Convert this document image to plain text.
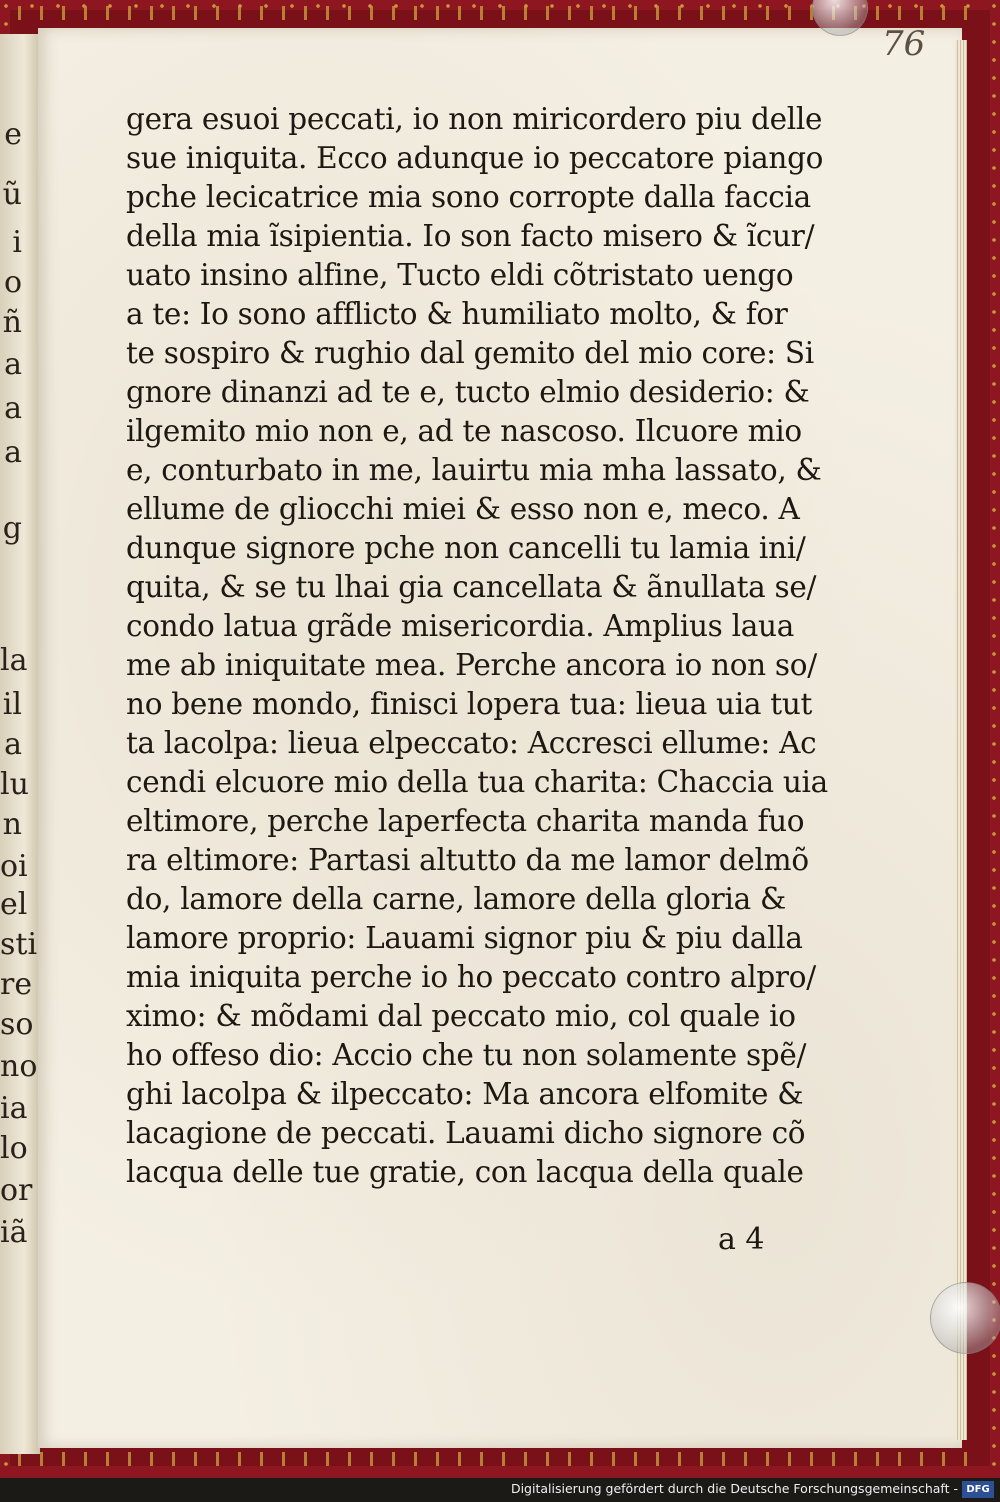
e
ũ
i
o
ñ
a
a
a
g
la
il
a
lu
n
oi
el
sti
re
so
no
ia
lo
or
iã
76
gera esuoi peccati, io non miricordero piu delle
sue iniquita. Ecco adunque io peccatore piango
pche lecicatrice mia sono corropte dalla faccia
della mia ĩsipientia. Io son facto misero & ĩcur/
uato insino alfine, Tucto eldi cõtristato uengo
a te: Io sono afflicto & humiliato molto, & for
te sospiro & rughio dal gemito del mio core: Si
gnore dinanzi ad te e, tucto elmio desiderio: &
ilgemito mio non e, ad te nascoso. Ilcuore mio
e, conturbato in me, lauirtu mia mha lassato, &
ellume de gliocchi miei & esso non e, meco. A
dunque signore pche non cancelli tu lamia ini/
quita, & se tu lhai gia cancellata & ãnullata se/
condo latua grãde misericordia. Amplius laua
me ab iniquitate mea. Perche ancora io non so/
no bene mondo, finisci lopera tua: lieua uia tut
ta lacolpa: lieua elpeccato: Accresci ellume: Ac
cendi elcuore mio della tua charita: Chaccia uia
eltimore, perche laperfecta charita manda fuo
ra eltimore: Partasi altutto da me lamor delmõ
do, lamore della carne, lamore della gloria &
lamore proprio: Lauami signor piu & piu dalla
mia iniquita perche io ho peccato contro alpro/
ximo: & mõdami dal peccato mio, col quale io
ho offeso dio: Accio che tu non solamente spẽ/
ghi lacolpa & ilpeccato: Ma ancora elfomite &
lacagione de peccati. Lauami dicho signore cõ
lacqua delle tue gratie, con lacqua della quale
a 4
Digitalisierung gefördert durch die Deutsche Forschungsgemeinschaft - DFG
